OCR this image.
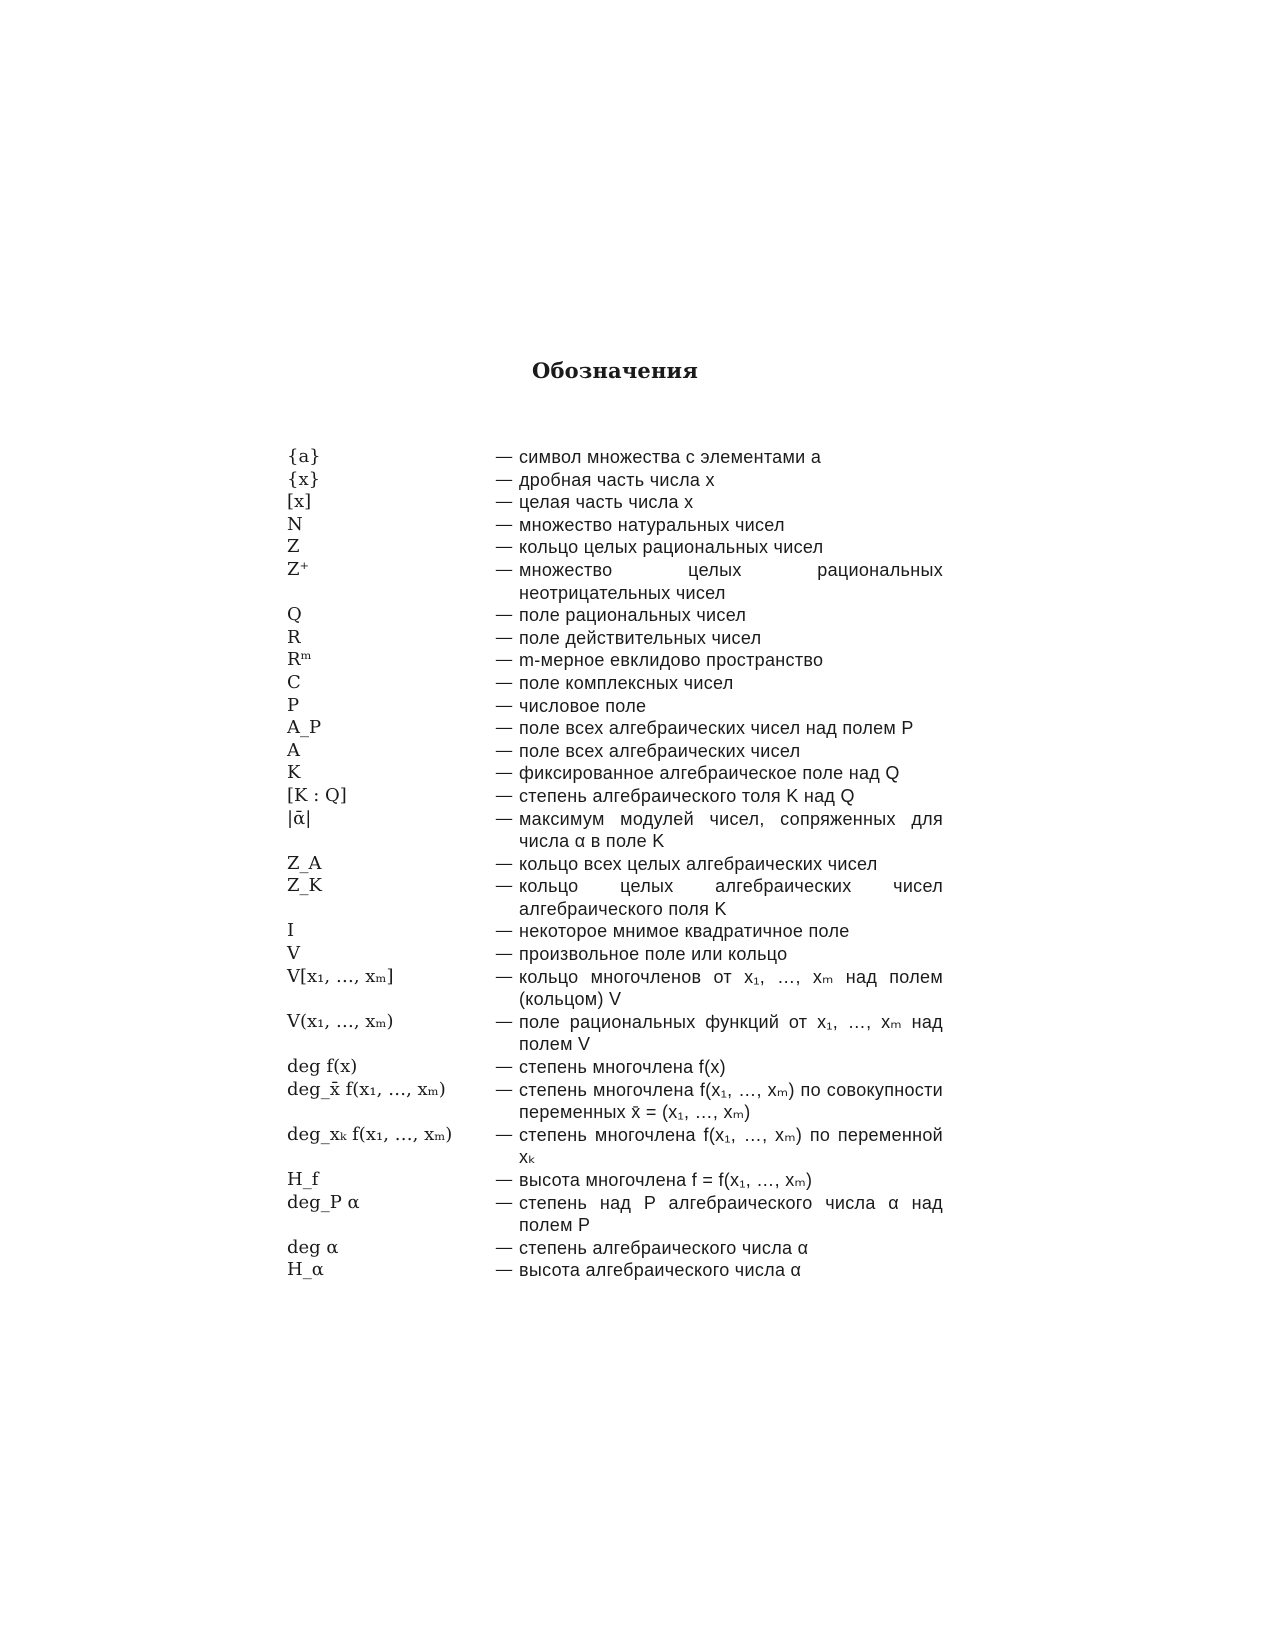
Обозначения
{a}	— символ множества с элементами a
{x}	— дробная часть числа x
[x]	— целая часть числа x
N	— множество натуральных чисел
Z	— кольцо целых рациональных чисел
Z⁺	— множество целых рациональных неотрицательных чисел
Q	— поле рациональных чисел
R	— поле действительных чисел
Rᵐ	— m-мерное евклидово пространство
C	— поле комплексных чисел
P	— числовое поле
A_P	— поле всех алгебраических чисел над полем P
A	— поле всех алгебраических чисел
K	— фиксированное алгебраическое поле над Q
[K : Q]	— степень алгебраического толя K над Q
|ᾱ|	— максимум модулей чисел, сопряженных для числа α в поле K
Z_A	— кольцо всех целых алгебраических чисел
Z_K	— кольцо целых алгебраических чисел алгебраического поля K
I	— некоторое мнимое квадратичное поле
V	— произвольное поле или кольцо
V[x₁, …, xₘ]	— кольцо многочленов от x₁, …, xₘ над полем (кольцом) V
V(x₁, …, xₘ)	— поле рациональных функций от x₁, …, xₘ над полем V
deg f(x)	— степень многочлена f(x)
deg_x̄ f(x₁, …, xₘ)	— степень многочлена f(x₁, …, xₘ) по совокупности переменных x̄ = (x₁, …, xₘ)
deg_xₖ f(x₁, …, xₘ)	— степень многочлена f(x₁, …, xₘ) по переменной xₖ
H_f	— высота многочлена f = f(x₁, …, xₘ)
deg_P α	— степень над P алгебраического числа α над полем P
deg α	— степень алгебраического числа α
H_α	— высота алгебраического числа α
